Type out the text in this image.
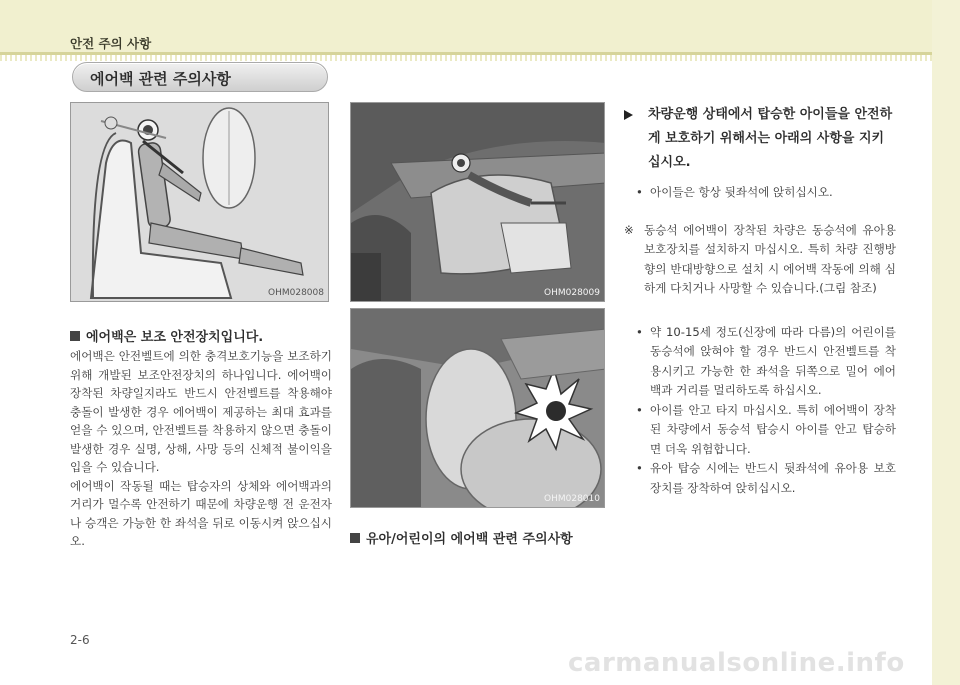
안전 주의 사항
에어백 관련 주의사항
OHM028008	OHM028009
OHM028010
에어백은 보조 안전장치입니다.

에어백은 안전벨트에 의한 충격보호기능을 보조하기 위해 개발된 보조안전장치의 하나입니다. 에어백이 장착된 차량일지라도 반드시 안전벨트를 착용해야 충돌이 발생한 경우 에어백이 제공하는 최대 효과를 얻을 수 있으며, 안전벨트를 착용하지 않으면 충돌이 발생한 경우 실명, 상해, 사망 등의 신체적 불이익을 입을 수 있습니다.

에어백이 작동될 때는 탑승자의 상체와 에어백과의 거리가 멀수록 안전하기 때문에 차량운행 전 운전자나 승객은 가능한 한 좌석을 뒤로 이동시켜 앉으십시오.	유아/어린이의 에어백 관련 주의사항
차량운행 상태에서 탑승한 아이들을 안전하게 보호하기 위해서는 아래의 사항을 지키십시오.
• 아이들은 항상 뒷좌석에 앉히십시오.
※ 동승석 에어백이 장착된 차량은 동승석에 유아용 보호장치를 설치하지 마십시오. 특히 차량 진행방향의 반대방향으로 설치 시 에어백 작동에 의해 심하게 다치거나 사망할 수 있습니다.(그림 참조)
• 약 10-15세 정도(신장에 따라 다름)의 어린이를 동승석에 앉혀야 할 경우 반드시 안전벨트를 착용시키고 가능한 한 좌석을 뒤쪽으로 밀어 에어백과 거리를 멀리하도록 하십시오.
• 아이를 안고 타지 마십시오. 특히 에어백이 장착된 차량에서 동승석 탑승시 아이를 안고 탑승하면 더욱 위험합니다.
• 유아 탑승 시에는 반드시 뒷좌석에 유아용 보호장치를 장착하여 앉히십시오.
2-6
carmanualsonline.info
